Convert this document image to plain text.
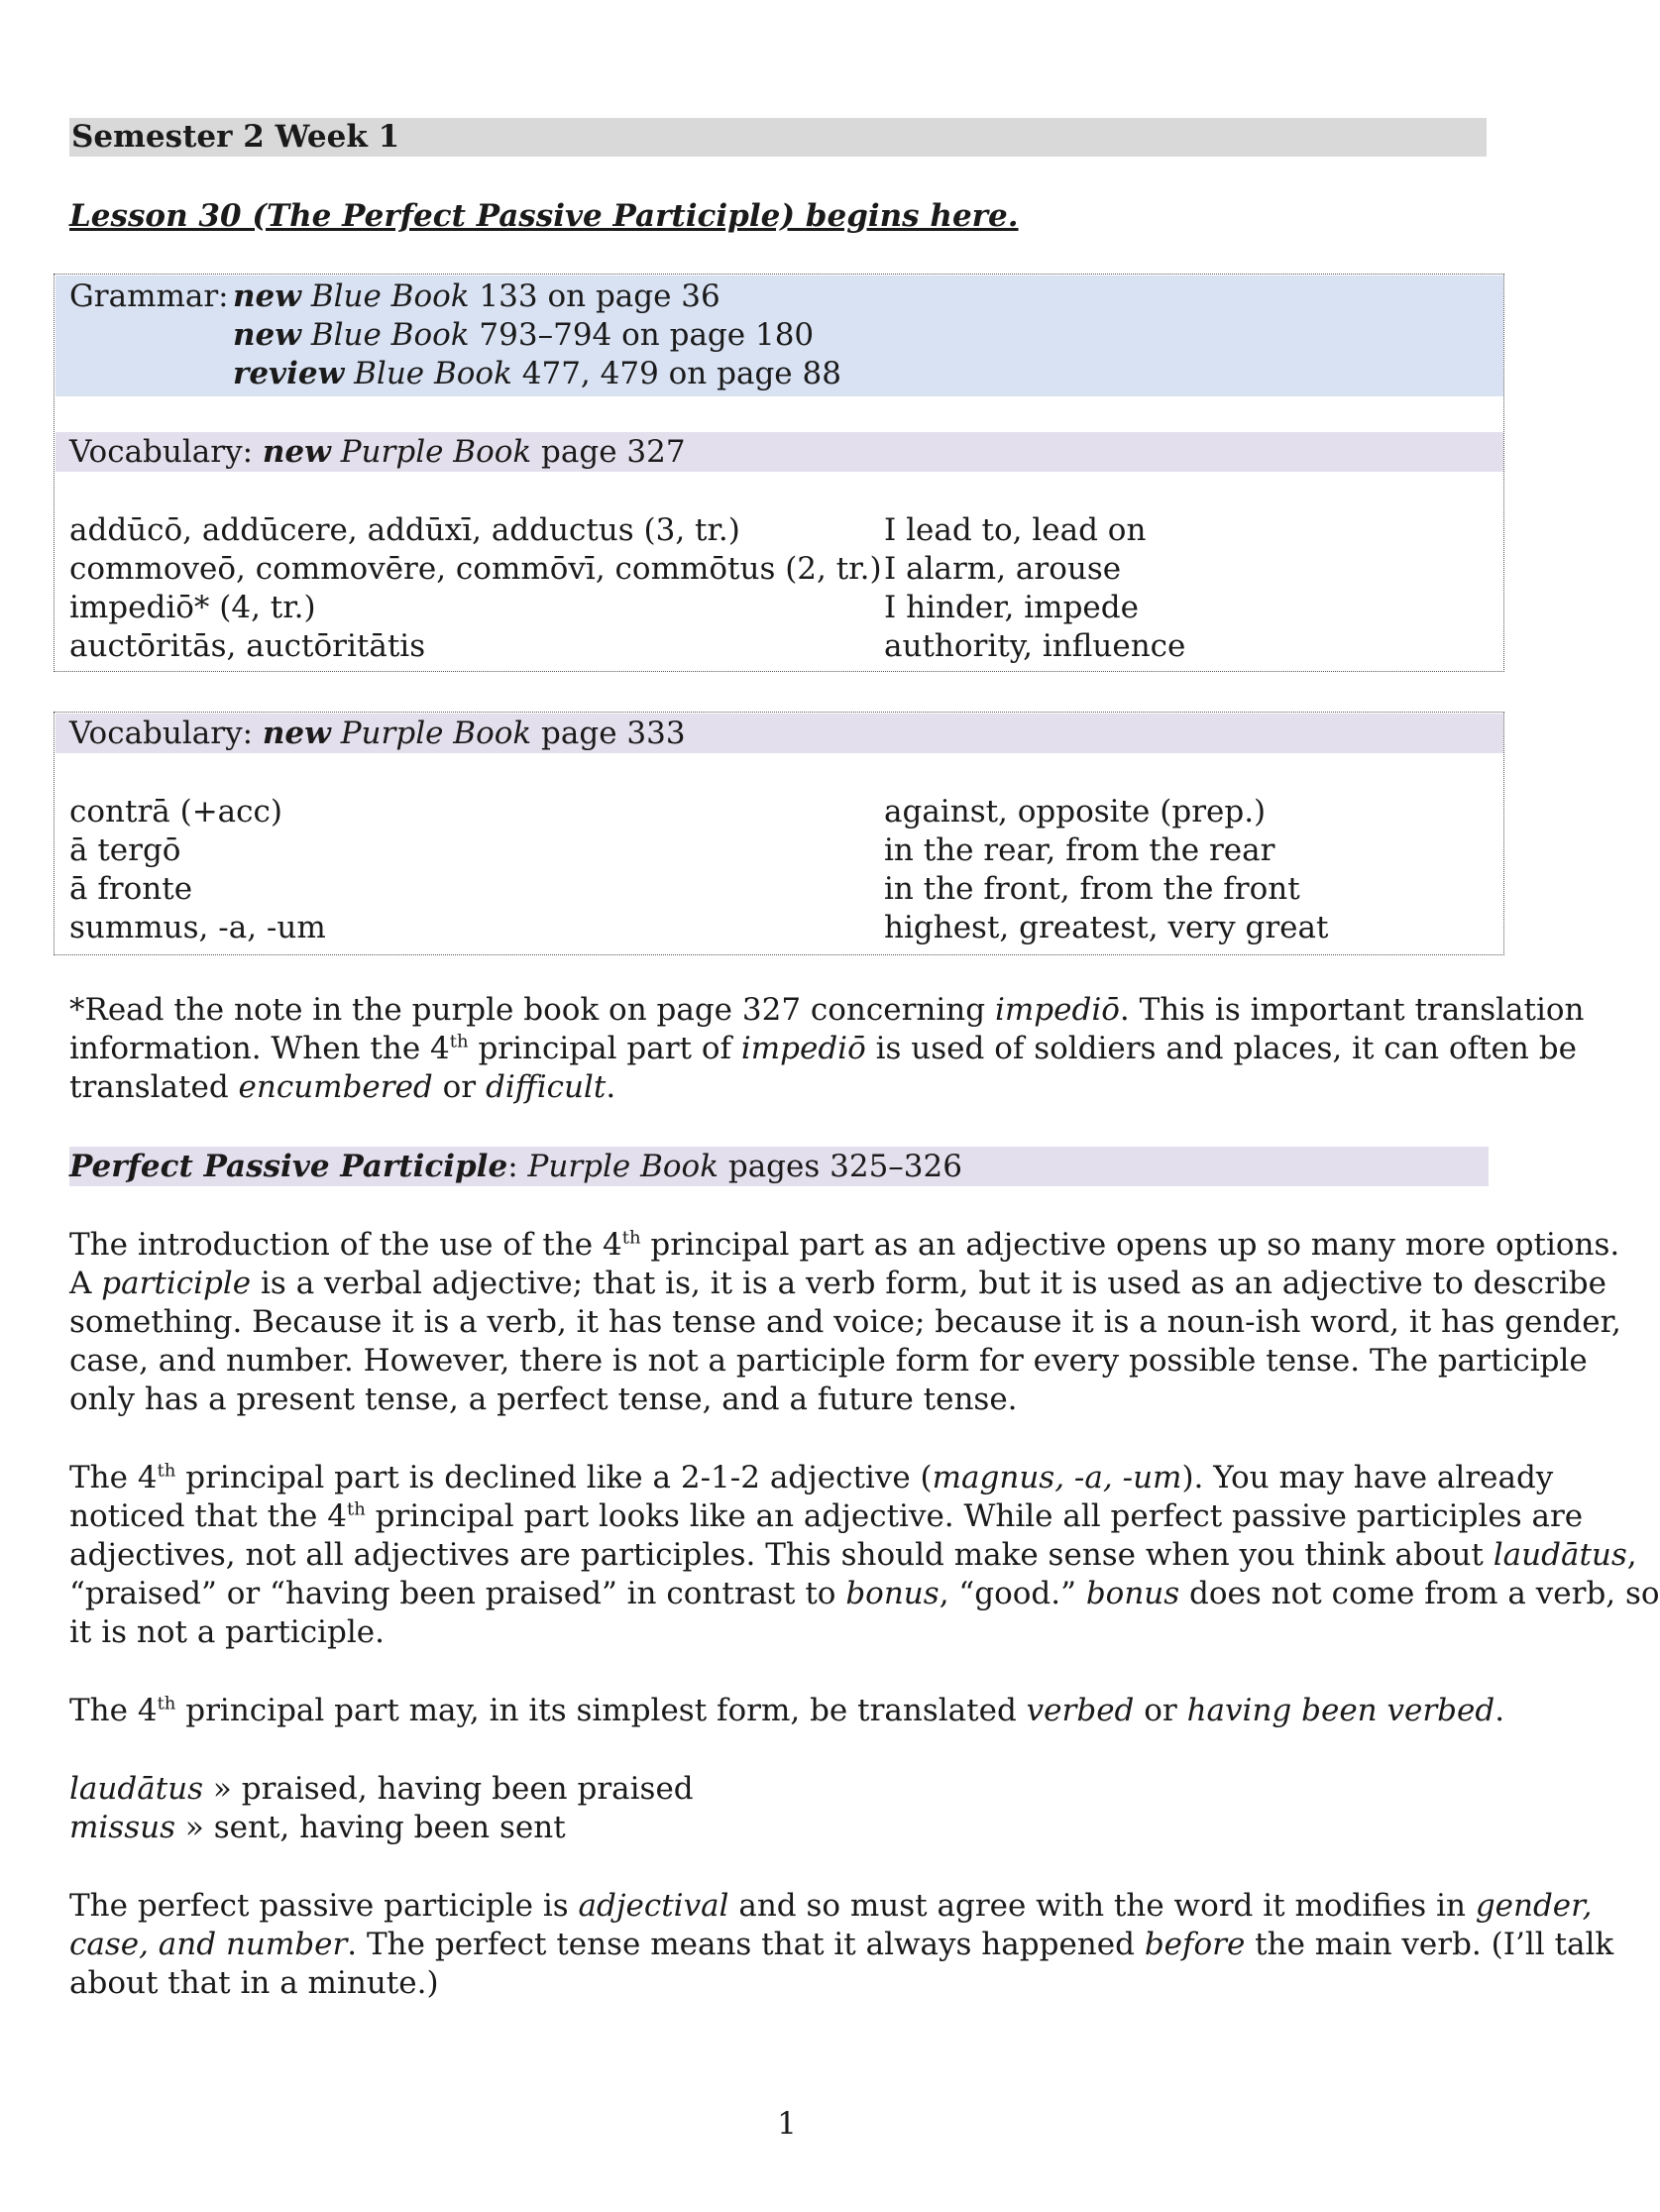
Semester 2 Week 1
Lesson 30 (The Perfect Passive Participle) begins here.
Grammar: new Blue Book 133 on page 36
new Blue Book 793–794 on page 180
review Blue Book 477, 479 on page 88
Vocabulary: new Purple Book page 327
addūcō, addūcere, addūxī, adductus (3, tr.)	I lead to, lead on
commoveō, commovēre, commōvī, commōtus (2, tr.) I alarm, arouse
impediō* (4, tr.)	I hinder, impede
auctōritās, auctōritātis	authority, influence
Vocabulary: new Purple Book page 333
contrā (+acc)	against, opposite (prep.)
ā tergō	in the rear, from the rear
ā fronte	in the front, from the front
summus, -a, -um	highest, greatest, very great
*Read the note in the purple book on page 327 concerning impediō. This is important translation
information. When the 4th principal part of impediō is used of soldiers and places, it can often be
translated encumbered or difficult.
Perfect Passive Participle: Purple Book pages 325–326
The introduction of the use of the 4th principal part as an adjective opens up so many more options.
A participle is a verbal adjective; that is, it is a verb form, but it is used as an adjective to describe
something. Because it is a verb, it has tense and voice; because it is a noun-ish word, it has gender,
case, and number. However, there is not a participle form for every possible tense. The participle
only has a present tense, a perfect tense, and a future tense.
The 4th principal part is declined like a 2-1-2 adjective (magnus, -a, -um). You may have already
noticed that the 4th principal part looks like an adjective. While all perfect passive participles are
adjectives, not all adjectives are participles. This should make sense when you think about laudātus,
“praised” or “having been praised” in contrast to bonus, “good.” bonus does not come from a verb, so
it is not a participle.
The 4th principal part may, in its simplest form, be translated verbed or having been verbed.
laudātus » praised, having been praised
missus » sent, having been sent
The perfect passive participle is adjectival and so must agree with the word it modifies in gender,
case, and number. The perfect tense means that it always happened before the main verb. (I’ll talk
about that in a minute.)
1
